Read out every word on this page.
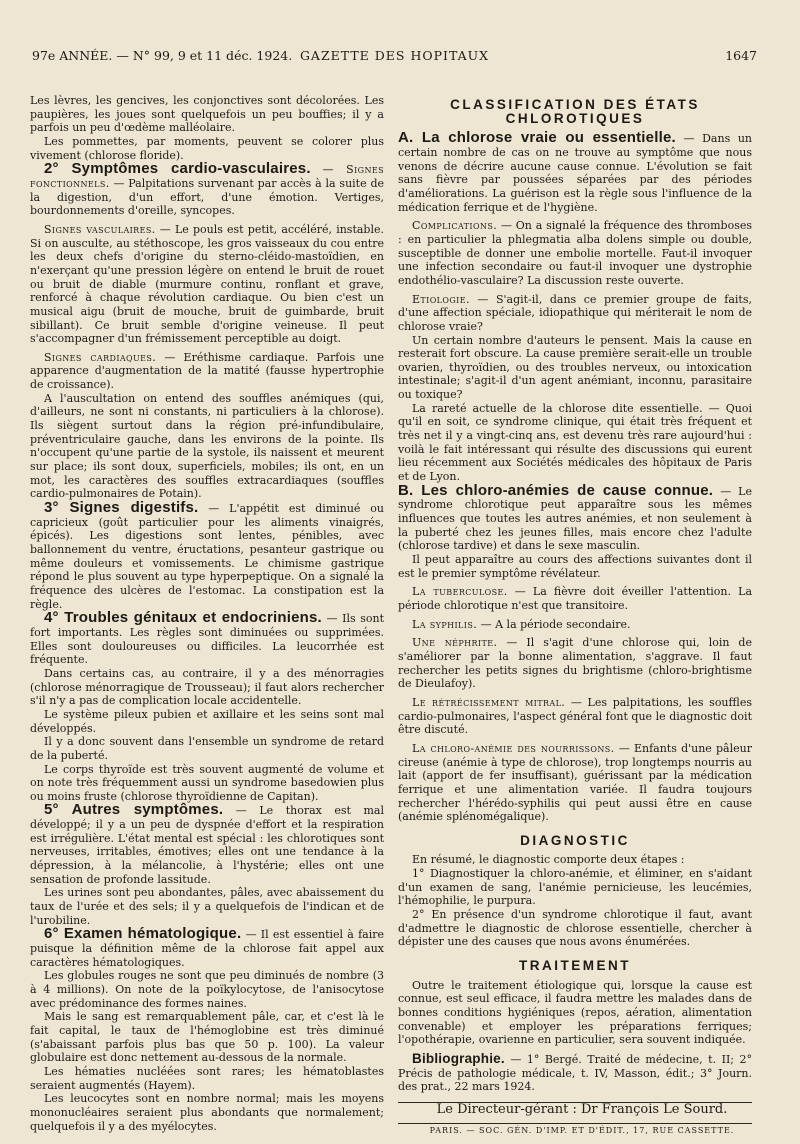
97e ANNÉE. — N° 99, 9 et 11 déc. 1924. GAZETTE DES HOPITAUX	1647

Les lèvres, les gencives, les conjonctives sont décolorées. Les paupières, les joues sont quelquefois un peu bouffies; il y a parfois un peu d'œdème malléolaire.

Les pommettes, par moments, peuvent se colorer plus vivement (chlorose floride).

2° Symptômes cardio-vasculaires. — Signes fonctionnels. — Palpitations survenant par accès à la suite de la digestion, d'un effort, d'une émotion. Vertiges, bourdonnements d'oreille, syncopes.

Signes vasculaires. — Le pouls est petit, accéléré, instable. Si on ausculte, au stéthoscope, les gros vaisseaux du cou entre les deux chefs d'origine du sterno-cléido-mastoïdien, en n'exerçant qu'une pression légère on entend le bruit de rouet ou bruit de diable (murmure continu, ronflant et grave, renforcé à chaque révolution cardiaque. Ou bien c'est un musical aigu (bruit de mouche, bruit de guimbarde, bruit sibillant). Ce bruit semble d'origine veineuse. Il peut s'accompagner d'un frémissement perceptible au doigt.

Signes cardiaques. — Eréthisme cardiaque. Parfois une apparence d'augmentation de la matité (fausse hypertrophie de croissance).

A l'auscultation on entend des souffles anémiques (qui, d'ailleurs, ne sont ni constants, ni particuliers à la chlorose). Ils siègent surtout dans la région pré-infundibulaire, préventriculaire gauche, dans les environs de la pointe. Ils n'occupent qu'une partie de la systole, ils naissent et meurent sur place; ils sont doux, superficiels, mobiles; ils ont, en un mot, les caractères des souffles extracardiaques (souffles cardio-pulmonaires de Potain).

3° Signes digestifs. — L'appétit est diminué ou capricieux (goût particulier pour les aliments vinaigrés, épicés). Les digestions sont lentes, pénibles, avec ballonnement du ventre, éructations, pesanteur gastrique ou même douleurs et vomissements. Le chimisme gastrique répond le plus souvent au type hyperpeptique. On a signalé la fréquence des ulcères de l'estomac. La constipation est la règle.

4° Troubles génitaux et endocriniens. — Ils sont fort importants. Les règles sont diminuées ou supprimées. Elles sont douloureuses ou difficiles. La leucorrhée est fréquente.

Dans certains cas, au contraire, il y a des ménorragies (chlorose ménorragique de Trousseau); il faut alors rechercher s'il n'y a pas de complication locale accidentelle.

Le système pileux pubien et axillaire et les seins sont mal développés.

Il y a donc souvent dans l'ensemble un syndrome de retard de la puberté.

Le corps thyroïde est très souvent augmenté de volume et on note très fréquemment aussi un syndrome basedowien plus ou moins fruste (chlorose thyroïdienne de Capitan).

5° Autres symptômes. — Le thorax est mal développé; il y a un peu de dyspnée d'effort et la respiration est irrégulière. L'état mental est spécial : les chlorotiques sont nerveuses, irritables, émotives; elles ont une tendance à la dépression, à la mélancolie, à l'hystérie; elles ont une sensation de profonde lassitude.

Les urines sont peu abondantes, pâles, avec abaissement du taux de l'urée et des sels; il y a quelquefois de l'indican et de l'urobiline.

6° Examen hématologique. — Il est essentiel à faire puisque la définition même de la chlorose fait appel aux caractères hématologiques.

Les globules rouges ne sont que peu diminués de nombre (3 à 4 millions). On note de la poïkylocytose, de l'anisocytose avec prédominance des formes naines.

Mais le sang est remarquablement pâle, car, et c'est là le fait capital, le taux de l'hémoglobine est très diminué (s'abaissant parfois plus bas que 50 p. 100). La valeur globulaire est donc nettement au-dessous de la normale.

Les hématies nucléées sont rares; les hématoblastes seraient augmentés (Hayem).

Les leucocytes sont en nombre normal; mais les moyens mononucléaires seraient plus abondants que normalement; quelquefois il y a des myélocytes.

CLASSIFICATION DES ÉTATS CHLOROTIQUES

A. La chlorose vraie ou essentielle. — Dans un certain nombre de cas on ne trouve au symptôme que nous venons de décrire aucune cause connue. L'évolution se fait sans fièvre par poussées séparées par des périodes d'améliorations. La guérison est la règle sous l'influence de la médication ferrique et de l'hygiène.

Complications. — On a signalé la fréquence des thromboses : en particulier la phlegmatia alba dolens simple ou double, susceptible de donner une embolie mortelle. Faut-il invoquer une infection secondaire ou faut-il invoquer une dystrophie endothélio-vasculaire? La discussion reste ouverte.

Etiologie. — S'agit-il, dans ce premier groupe de faits, d'une affection spéciale, idiopathique qui mériterait le nom de chlorose vraie?

Un certain nombre d'auteurs le pensent. Mais la cause en resterait fort obscure. La cause première serait-elle un trouble ovarien, thyroïdien, ou des troubles nerveux, ou intoxication intestinale; s'agit-il d'un agent anémiant, inconnu, parasitaire ou toxique?

La rareté actuelle de la chlorose dite essentielle. — Quoi qu'il en soit, ce syndrome clinique, qui était très fréquent et très net il y a vingt-cinq ans, est devenu très rare aujourd'hui : voilà le fait intéressant qui résulte des discussions qui eurent lieu récemment aux Sociétés médicales des hôpitaux de Paris et de Lyon.

B. Les chloro-anémies de cause connue. — Le syndrome chlorotique peut apparaître sous les mêmes influences que toutes les autres anémies, et non seulement à la puberté chez les jeunes filles, mais encore chez l'adulte (chlorose tardive) et dans le sexe masculin.

Il peut apparaître au cours des affections suivantes dont il est le premier symptôme révélateur.

La tuberculose. — La fièvre doit éveiller l'attention. La période chlorotique n'est que transitoire.

La syphilis. — A la période secondaire.

Une néphrite. — Il s'agit d'une chlorose qui, loin de s'améliorer par la bonne alimentation, s'aggrave. Il faut rechercher les petits signes du brightisme (chloro-brightisme de Dieulafoy).

Le rétrécissement mitral. — Les palpitations, les souffles cardio-pulmonaires, l'aspect général font que le diagnostic doit être discuté.

La chloro-anémie des nourrissons. — Enfants d'une pâleur cireuse (anémie à type de chlorose), trop longtemps nourris au lait (apport de fer insuffisant), guérissant par la médication ferrique et une alimentation variée. Il faudra toujours rechercher l'hérédo-syphilis qui peut aussi être en cause (anémie splénomégalique).

DIAGNOSTIC

En résumé, le diagnostic comporte deux étapes :

1° Diagnostiquer la chloro-anémie, et éliminer, en s'aidant d'un examen de sang, l'anémie pernicieuse, les leucémies, l'hémophilie, le purpura.

2° En présence d'un syndrome chlorotique il faut, avant d'admettre le diagnostic de chlorose essentielle, chercher à dépister une des causes que nous avons énumérées.

TRAITEMENT

Outre le traitement étiologique qui, lorsque la cause est connue, est seul efficace, il faudra mettre les malades dans de bonnes conditions hygiéniques (repos, aération, alimentation convenable) et employer les préparations ferriques; l'opothérapie, ovarienne en particulier, sera souvent indiquée.

Bibliographie. — 1° Bergé. Traité de médecine, t. II; 2° Précis de pathologie médicale, t. IV, Masson, édit.; 3° Journ. des prat., 22 mars 1924.

Le Directeur-gérant : Dr François Le Sourd.

PARIS. — SOC. GÉN. D'IMP. ET D'ÉDIT., 17, RUE CASSETTE.
